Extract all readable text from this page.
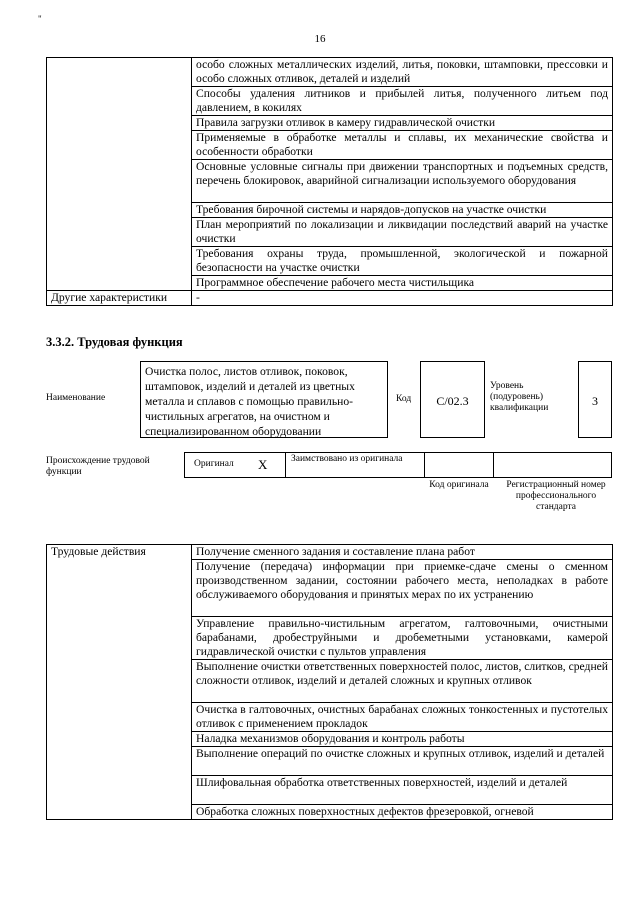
"
16
	особо сложных металлических изделий, литья, поковки, штамповки, прессовки и особо сложных отливок, деталей и изделий
	Способы удаления литников и прибылей литья, полученного литьем под давлением, в кокилях
	Правила загрузки отливок в камеру гидравлической очистки
	Применяемые в обработке металлы и сплавы, их механические свойства и особенности обработки
	Основные условные сигналы при движении транспортных и подъемных средств, перечень блокировок, аварийной сигнализации используемого оборудования
	Требования бирочной системы и нарядов-допусков на участке очистки
	План мероприятий по локализации и ликвидации последствий аварий на участке очистки
	Требования охраны труда, промышленной, экологической и пожарной безопасности на участке очистки
	Программное обеспечение рабочего места чистильщика
Другие характеристики	-
3.3.2. Трудовая функция
Наименование
Очистка полос, листов отливок, поковок, штамповок, изделий и деталей из цветных металла и сплавов с помощью правильно-чистильных агрегатов, на очистном и специализированном оборудовании
Код	C/02.3
Уровень (подуровень) квалификации	3
Происхождение трудовой функции
Оригинал X Заимствовано из оригинала
Код оригинала	Регистрационный номер профессионального стандарта
Трудовые действия	Получение сменного задания и составление плана работ
Получение (передача) информации при приемке-сдаче смены о сменном производственном задании, состоянии рабочего места, неполадках в работе обслуживаемого оборудования и принятых мерах по их устранению
Управление правильно-чистильным агрегатом, галтовочными, очистными барабанами, дробеструйными и дробеметными установками, камерой гидравлической очистки с пультов управления
Выполнение очистки ответственных поверхностей полос, листов, слитков, средней сложности отливок, изделий и деталей сложных и крупных отливок
Очистка в галтовочных, очистных барабанах сложных тонкостенных и пустотелых отливок с применением прокладок
Наладка механизмов оборудования и контроль работы
Выполнение операций по очистке сложных и крупных отливок, изделий и деталей
Шлифовальная обработка ответственных поверхностей, изделий и деталей
Обработка сложных поверхностных дефектов фрезеровкой, огневой
